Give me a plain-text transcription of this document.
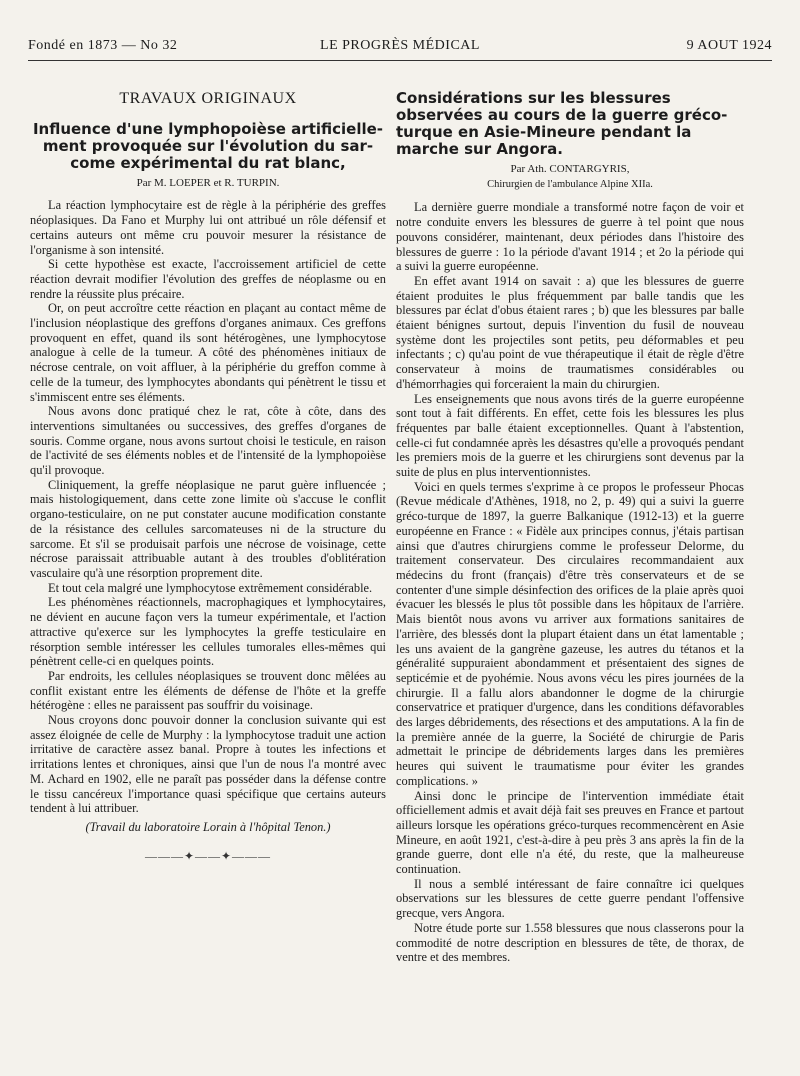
Fondé en 1873 — No 32	LE PROGRÈS MÉDICAL	9 AOUT 1924
TRAVAUX ORIGINAUX
Influence d'une lymphopoièse artificielle-ment provoquée sur l'évolution du sar-come expérimental du rat blanc,
Par M. LOEPER et R. TURPIN.

La réaction lymphocytaire est de règle à la périphérie des greffes néoplasiques. Da Fano et Murphy lui ont attribué un rôle défensif et certains auteurs ont même cru pouvoir mesurer la résistance de l'organisme à son intensité.

Si cette hypothèse est exacte, l'accroissement artificiel de cette réaction devrait modifier l'évolution des greffes de néoplasme ou en rendre la réussite plus précaire.

Or, on peut accroître cette réaction en plaçant au contact même de l'inclusion néoplastique des greffons d'organes animaux. Ces greffons provoquent en effet, quand ils sont hétérogènes, une lymphocytose analogue à celle de la tumeur. A côté des phénomènes initiaux de nécrose centrale, on voit affluer, à la périphérie du greffon comme à celle de la tumeur, des lymphocytes abondants qui pénètrent le tissu et s'immiscent entre ses éléments.

Nous avons donc pratiqué chez le rat, côte à côte, dans des interventions simultanées ou successives, des greffes d'organes de souris. Comme organe, nous avons surtout choisi le testicule, en raison de l'activité de ses éléments nobles et de l'intensité de la lymphopoièse qu'il provoque.

Cliniquement, la greffe néoplasique ne parut guère influencée ; mais histologiquement, dans cette zone limite où s'accuse le conflit organo-testiculaire, on ne put constater aucune modification constante de la résistance des cellules sarcomateuses ni de la structure du sarcome. Et s'il se produisait parfois une nécrose de voisinage, cette nécrose paraissait attribuable autant à des troubles d'oblitération vasculaire qu'à une résorption proprement dite.

Et tout cela malgré une lymphocytose extrêmement considérable.

Les phénomènes réactionnels, macrophagiques et lymphocytaires, ne dévient en aucune façon vers la tumeur expérimentale, et l'action attractive qu'exerce sur les lymphocytes la greffe testiculaire en résorption semble intéresser les cellules tumorales elles-mêmes qui pénètrent celle-ci en quelques points.

Par endroits, les cellules néoplasiques se trouvent donc mêlées au conflit existant entre les éléments de défense de l'hôte et la greffe hétérogène : elles ne paraissent pas souffrir du voisinage.

Nous croyons donc pouvoir donner la conclusion suivante qui est assez éloignée de celle de Murphy : la lymphocytose traduit une action irritative de caractère assez banal. Propre à toutes les infections et irritations lentes et chroniques, ainsi que l'un de nous l'a montré avec M. Achard en 1902, elle ne paraît pas posséder dans la défense contre le tissu cancéreux l'importance quasi spécifique que certains auteurs tendent à lui attribuer.

(Travail du laboratoire Lorain à l'hôpital Tenon.)

———✦——✦———
Considérations sur les blessures observées au cours de la guerre gréco-turque en Asie-Mineure pendant la marche sur Angora.
Par Ath. CONTARGYRIS,
Chirurgien de l'ambulance Alpine XIIa.

La dernière guerre mondiale a transformé notre façon de voir et notre conduite envers les blessures de guerre à tel point que nous pouvons considérer, maintenant, deux périodes dans l'histoire des blessures de guerre : 1o la période d'avant 1914 ; et 2o la période qui a suivi la guerre européenne.

En effet avant 1914 on savait : a) que les blessures de guerre étaient produites le plus fréquemment par balle tandis que les blessures par éclat d'obus étaient rares ; b) que les blessures par balle étaient bénignes surtout, depuis l'invention du fusil de nouveau système dont les projectiles sont petits, peu déformables et peu infectants ; c) qu'au point de vue thérapeutique il était de règle d'être conservateur à moins de traumatismes considérables ou d'hémorrhagies qui forceraient la main du chirurgien.

Les enseignements que nous avons tirés de la guerre européenne sont tout à fait différents. En effet, cette fois les blessures les plus fréquentes par balle étaient exceptionnelles. Quant à l'abstention, celle-ci fut condamnée après les désastres qu'elle a provoqués pendant les premiers mois de la guerre et les chirurgiens sont devenus par la suite de plus en plus interventionnistes.

Voici en quels termes s'exprime à ce propos le professeur Phocas (Revue médicale d'Athènes, 1918, no 2, p. 49) qui a suivi la guerre gréco-turque de 1897, la guerre Balkanique (1912-13) et la guerre européenne en France : « Fidèle aux principes connus, j'étais partisan ainsi que d'autres chirurgiens comme le professeur Delorme, du traitement conservateur. Des circulaires recommandaient aux médecins du front (français) d'être très conservateurs et de se contenter d'une simple désinfection des orifices de la plaie après quoi évacuer les blessés le plus tôt possible dans les hôpitaux de l'arrière. Mais bientôt nous avons vu arriver aux formations sanitaires de l'arrière, des blessés dont la plupart étaient dans un état lamentable ; les uns avaient de la gangrène gazeuse, les autres du tétanos et la généralité suppuraient abondamment et présentaient des signes de septicémie et de pyohémie. Nous avons vécu les pires journées de la chirurgie. Il a fallu alors abandonner le dogme de la chirurgie conservatrice et pratiquer d'urgence, dans les conditions défavorables des larges débridements, des résections et des amputations. A la fin de la première année de la guerre, la Société de chirurgie de Paris admettait le principe de débridements larges dans les premières heures qui suivent le traumatisme pour éviter les grandes complications. »

Ainsi donc le principe de l'intervention immédiate était officiellement admis et avait déjà fait ses preuves en France et partout ailleurs lorsque les opérations gréco-turques recommencèrent en Asie Mineure, en août 1921, c'est-à-dire à peu près 3 ans après la fin de la grande guerre, dont elle n'a été, du reste, que la malheureuse continuation.

Il nous a semblé intéressant de faire connaître ici quelques observations sur les blessures de cette guerre pendant l'offensive grecque, vers Angora.

Notre étude porte sur 1.558 blessures que nous classerons pour la commodité de notre description en blessures de tête, de thorax, de ventre et des membres.
